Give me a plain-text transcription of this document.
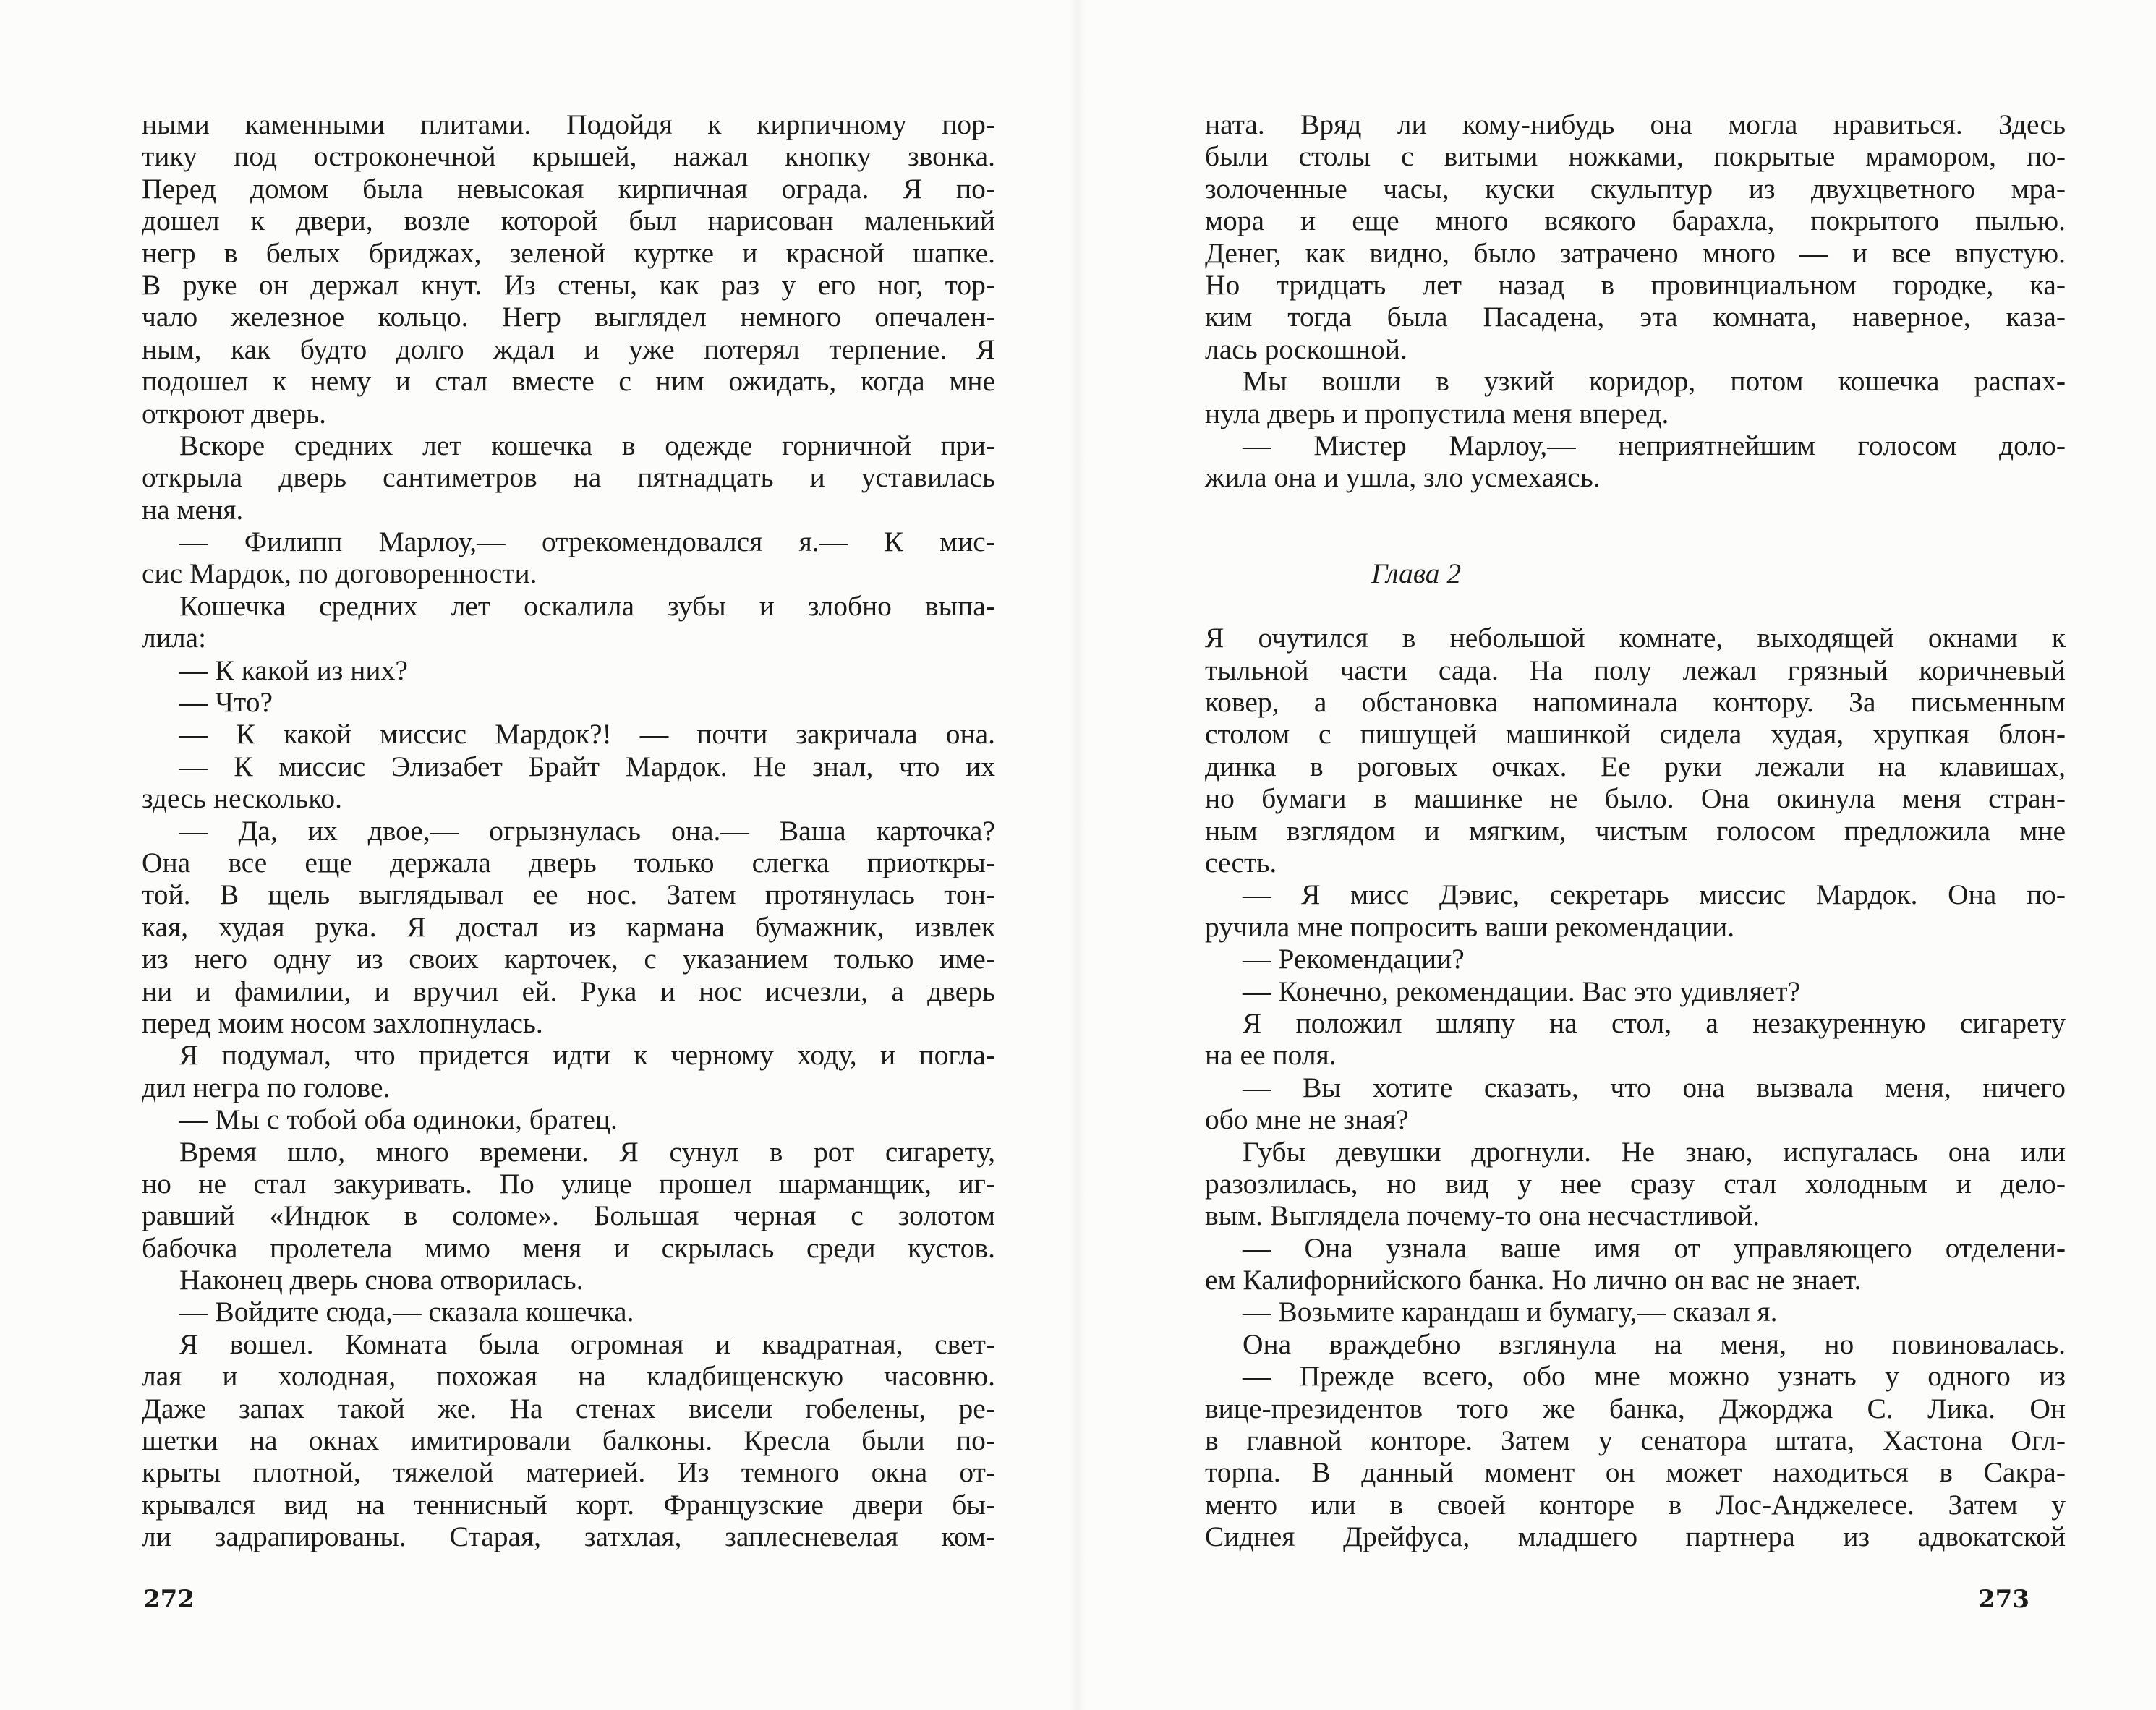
ными каменными плитами. Подойдя к кирпичному пор-
тику под остроконечной крышей, нажал кнопку звонка.
Перед домом была невысокая кирпичная ограда. Я по-
дошел к двери, возле которой был нарисован маленький
негр в белых бриджах, зеленой куртке и красной шапке.
В руке он держал кнут. Из стены, как раз у его ног, тор-
чало железное кольцо. Негр выглядел немного опечален-
ным, как будто долго ждал и уже потерял терпение. Я
подошел к нему и стал вместе с ним ожидать, когда мне
откроют дверь.
Вскоре средних лет кошечка в одежде горничной при-
открыла дверь сантиметров на пятнадцать и уставилась
на меня.
— Филипп Марлоу,— отрекомендовался я.— К мис-
сис Мардок, по договоренности.
Кошечка средних лет оскалила зубы и злобно выпа-
лила:
— К какой из них?
— Что?
— К какой миссис Мардок?! — почти закричала она.
— К миссис Элизабет Брайт Мардок. Не знал, что их
здесь несколько.
— Да, их двое,— огрызнулась она.— Ваша карточка?
Она все еще держала дверь только слегка приоткры-
той. В щель выглядывал ее нос. Затем протянулась тон-
кая, худая рука. Я достал из кармана бумажник, извлек
из него одну из своих карточек, с указанием только име-
ни и фамилии, и вручил ей. Рука и нос исчезли, а дверь
перед моим носом захлопнулась.
Я подумал, что придется идти к черному ходу, и погла-
дил негра по голове.
— Мы с тобой оба одиноки, братец.
Время шло, много времени. Я сунул в рот сигарету,
но не стал закуривать. По улице прошел шарманщик, иг-
равший «Индюк в соломе». Большая черная с золотом
бабочка пролетела мимо меня и скрылась среди кустов.
Наконец дверь снова отворилась.
— Войдите сюда,— сказала кошечка.
Я вошел. Комната была огромная и квадратная, свет-
лая и холодная, похожая на кладбищенскую часовню.
Даже запах такой же. На стенах висели гобелены, ре-
шетки на окнах имитировали балконы. Кресла были по-
крыты плотной, тяжелой материей. Из темного окна от-
крывался вид на теннисный корт. Французские двери бы-
ли задрапированы. Старая, затхлая, заплесневелая ком-
272
ната. Вряд ли кому-нибудь она могла нравиться. Здесь
были столы с витыми ножками, покрытые мрамором, по-
золоченные часы, куски скульптур из двухцветного мра-
мора и еще много всякого барахла, покрытого пылью.
Денег, как видно, было затрачено много — и все впустую.
Но тридцать лет назад в провинциальном городке, ка-
ким тогда была Пасадена, эта комната, наверное, каза-
лась роскошной.
Мы вошли в узкий коридор, потом кошечка распах-
нула дверь и пропустила меня вперед.
— Мистер Марлоу,— неприятнейшим голосом доло-
жила она и ушла, зло усмехаясь.
Глава 2
Я очутился в небольшой комнате, выходящей окнами к
тыльной части сада. На полу лежал грязный коричневый
ковер, а обстановка напоминала контору. За письменным
столом с пишущей машинкой сидела худая, хрупкая блон-
динка в роговых очках. Ее руки лежали на клавишах,
но бумаги в машинке не было. Она окинула меня стран-
ным взглядом и мягким, чистым голосом предложила мне
сесть.
— Я мисс Дэвис, секретарь миссис Мардок. Она по-
ручила мне попросить ваши рекомендации.
— Рекомендации?
— Конечно, рекомендации. Вас это удивляет?
Я положил шляпу на стол, а незакуренную сигарету
на ее поля.
— Вы хотите сказать, что она вызвала меня, ничего
обо мне не зная?
Губы девушки дрогнули. Не знаю, испугалась она или
разозлилась, но вид у нее сразу стал холодным и дело-
вым. Выглядела почему-то она несчастливой.
— Она узнала ваше имя от управляющего отделени-
ем Калифорнийского банка. Но лично он вас не знает.
— Возьмите карандаш и бумагу,— сказал я.
Она враждебно взглянула на меня, но повиновалась.
— Прежде всего, обо мне можно узнать у одного из
вице-президентов того же банка, Джорджа С. Лика. Он
в главной конторе. Затем у сенатора штата, Хастона Огл-
торпа. В данный момент он может находиться в Сакра-
менто или в своей конторе в Лос-Анджелесе. Затем у
Сиднея Дрейфуса, младшего партнера из адвокатской
273
